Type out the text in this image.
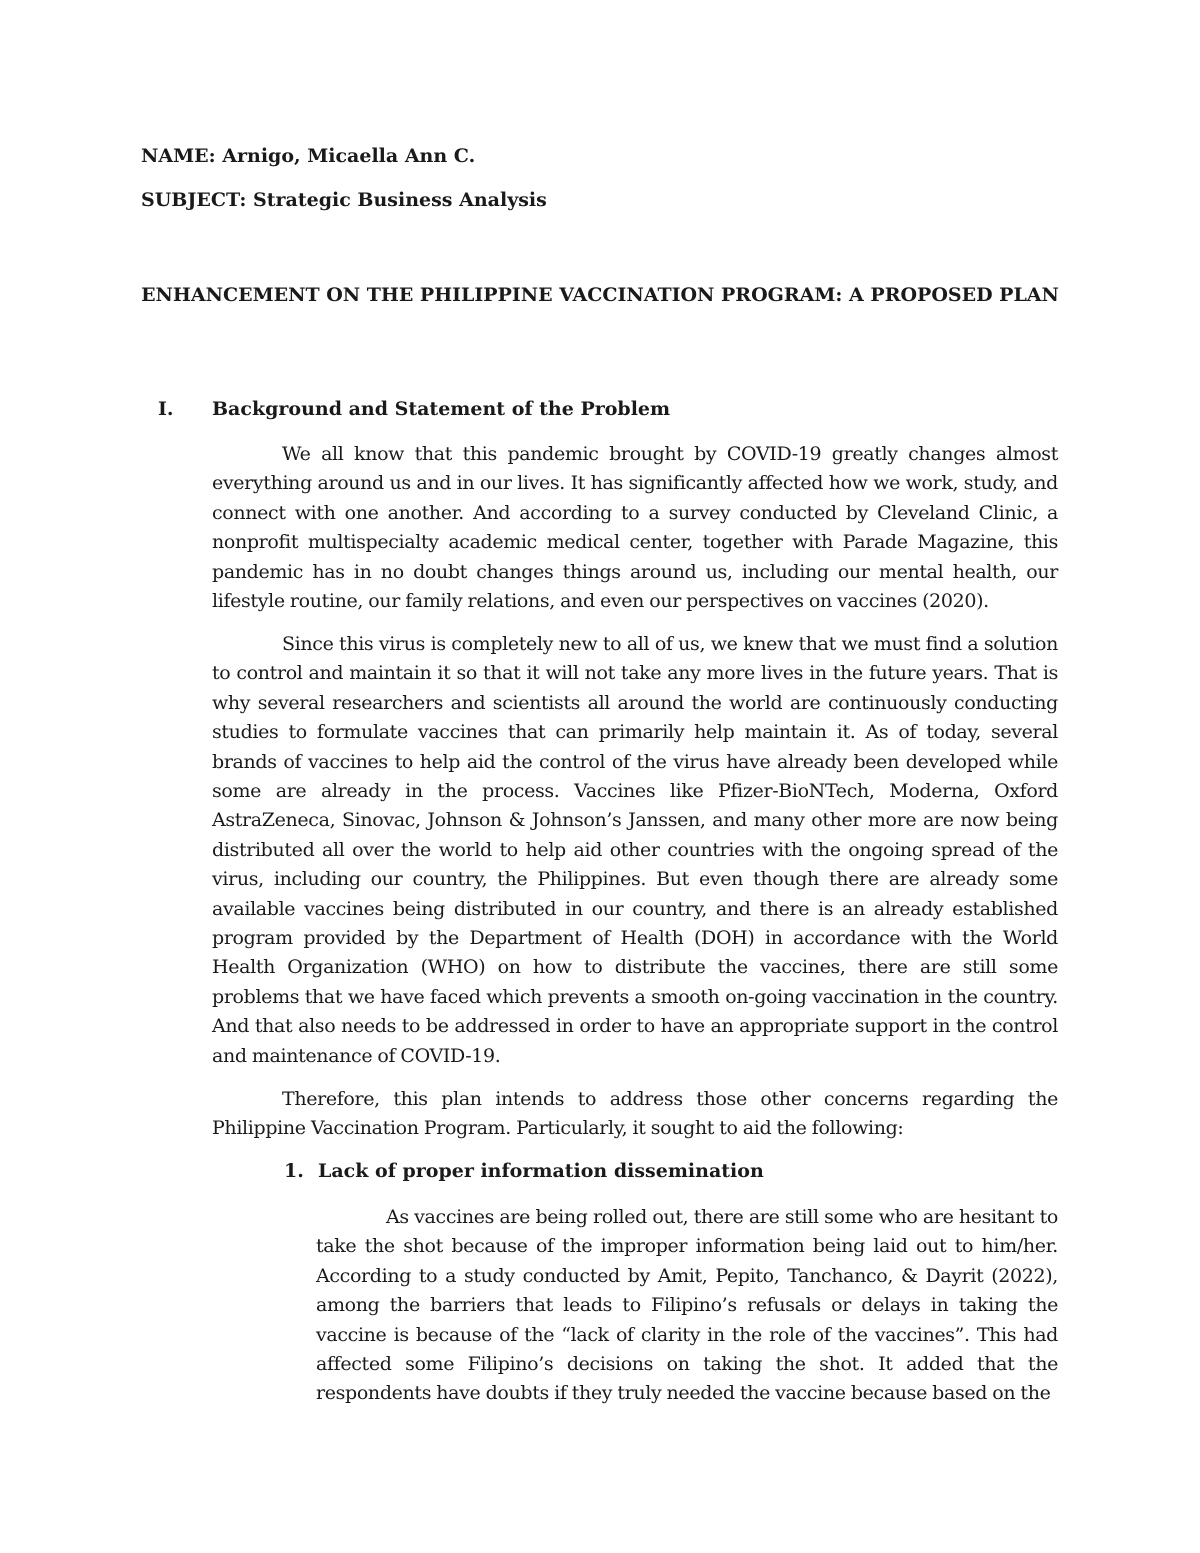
NAME: Arnigo, Micaella Ann C.
SUBJECT: Strategic Business Analysis
ENHANCEMENT ON THE PHILIPPINE VACCINATION PROGRAM: A PROPOSED PLAN
I. Background and Statement of the Problem

We all know that this pandemic brought by COVID-19 greatly changes almost everything around us and in our lives. It has significantly affected how we work, study, and connect with one another. And according to a survey conducted by Cleveland Clinic, a nonprofit multispecialty academic medical center, together with Parade Magazine, this pandemic has in no doubt changes things around us, including our mental health, our lifestyle routine, our family relations, and even our perspectives on vaccines (2020).

Since this virus is completely new to all of us, we knew that we must find a solution to control and maintain it so that it will not take any more lives in the future years. That is why several researchers and scientists all around the world are continuously conducting studies to formulate vaccines that can primarily help maintain it. As of today, several brands of vaccines to help aid the control of the virus have already been developed while some are already in the process. Vaccines like Pfizer-BioNTech, Moderna, Oxford AstraZeneca, Sinovac, Johnson & Johnson’s Janssen, and many other more are now being distributed all over the world to help aid other countries with the ongoing spread of the virus, including our country, the Philippines. But even though there are already some available vaccines being distributed in our country, and there is an already established program provided by the Department of Health (DOH) in accordance with the World Health Organization (WHO) on how to distribute the vaccines, there are still some problems that we have faced which prevents a smooth on-going vaccination in the country. And that also needs to be addressed in order to have an appropriate support in the control and maintenance of COVID-19.

Therefore, this plan intends to address those other concerns regarding the Philippine Vaccination Program. Particularly, it sought to aid the following:

1. Lack of proper information dissemination

As vaccines are being rolled out, there are still some who are hesitant to take the shot because of the improper information being laid out to him/her. According to a study conducted by Amit, Pepito, Tanchanco, & Dayrit (2022), among the barriers that leads to Filipino’s refusals or delays in taking the vaccine is because of the “lack of clarity in the role of the vaccines”. This had affected some Filipino’s decisions on taking the shot. It added that the respondents have doubts if they truly needed the vaccine because based on the
